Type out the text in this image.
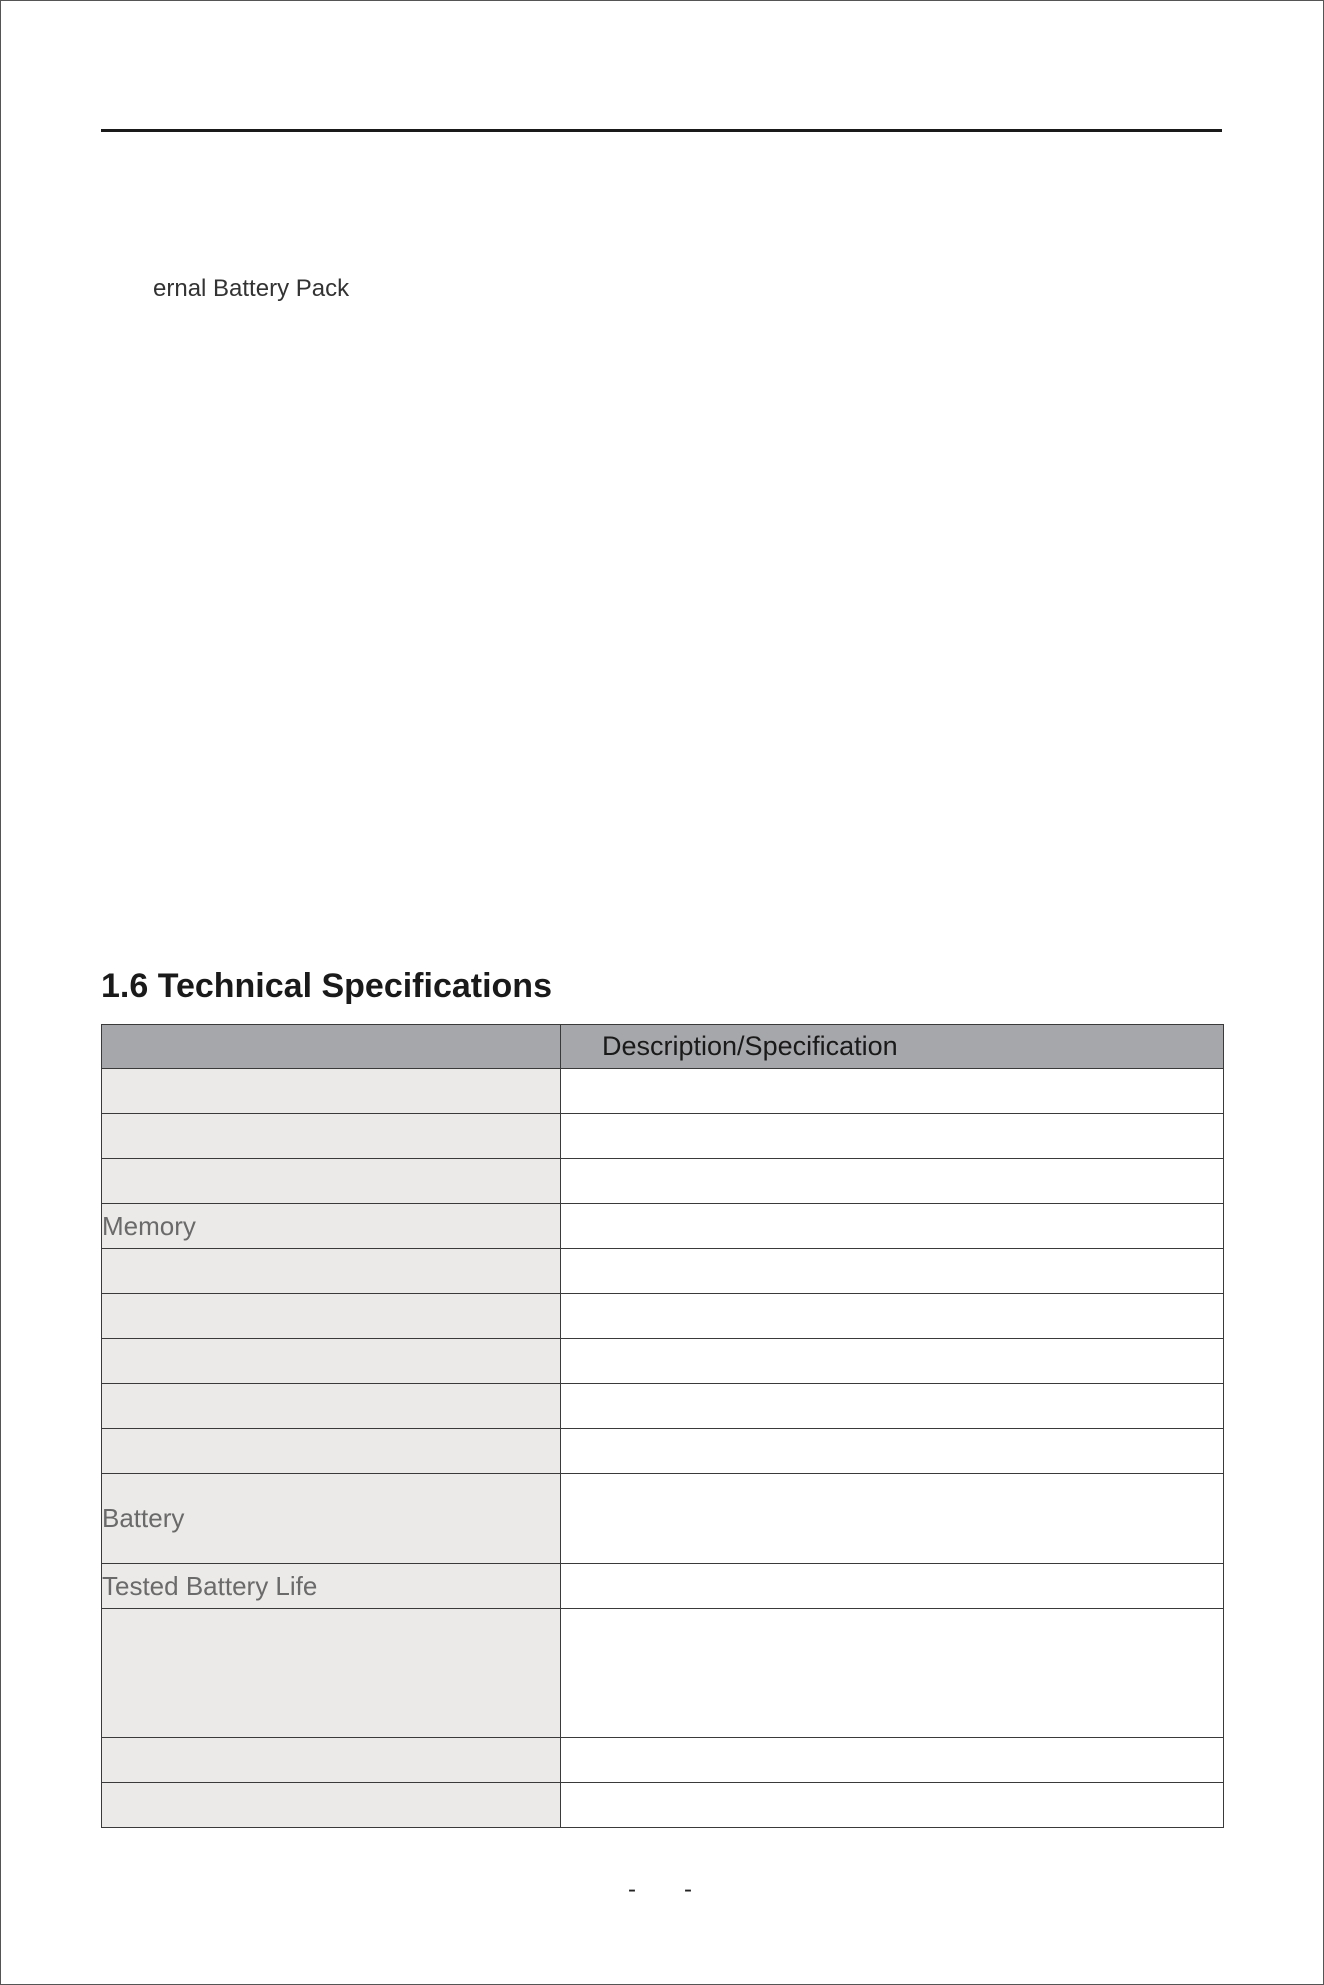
ernal Battery Pack
1.6 Technical Specifications
	Description/Specification

Memory	

Battery	
Tested Battery Life	

- -
